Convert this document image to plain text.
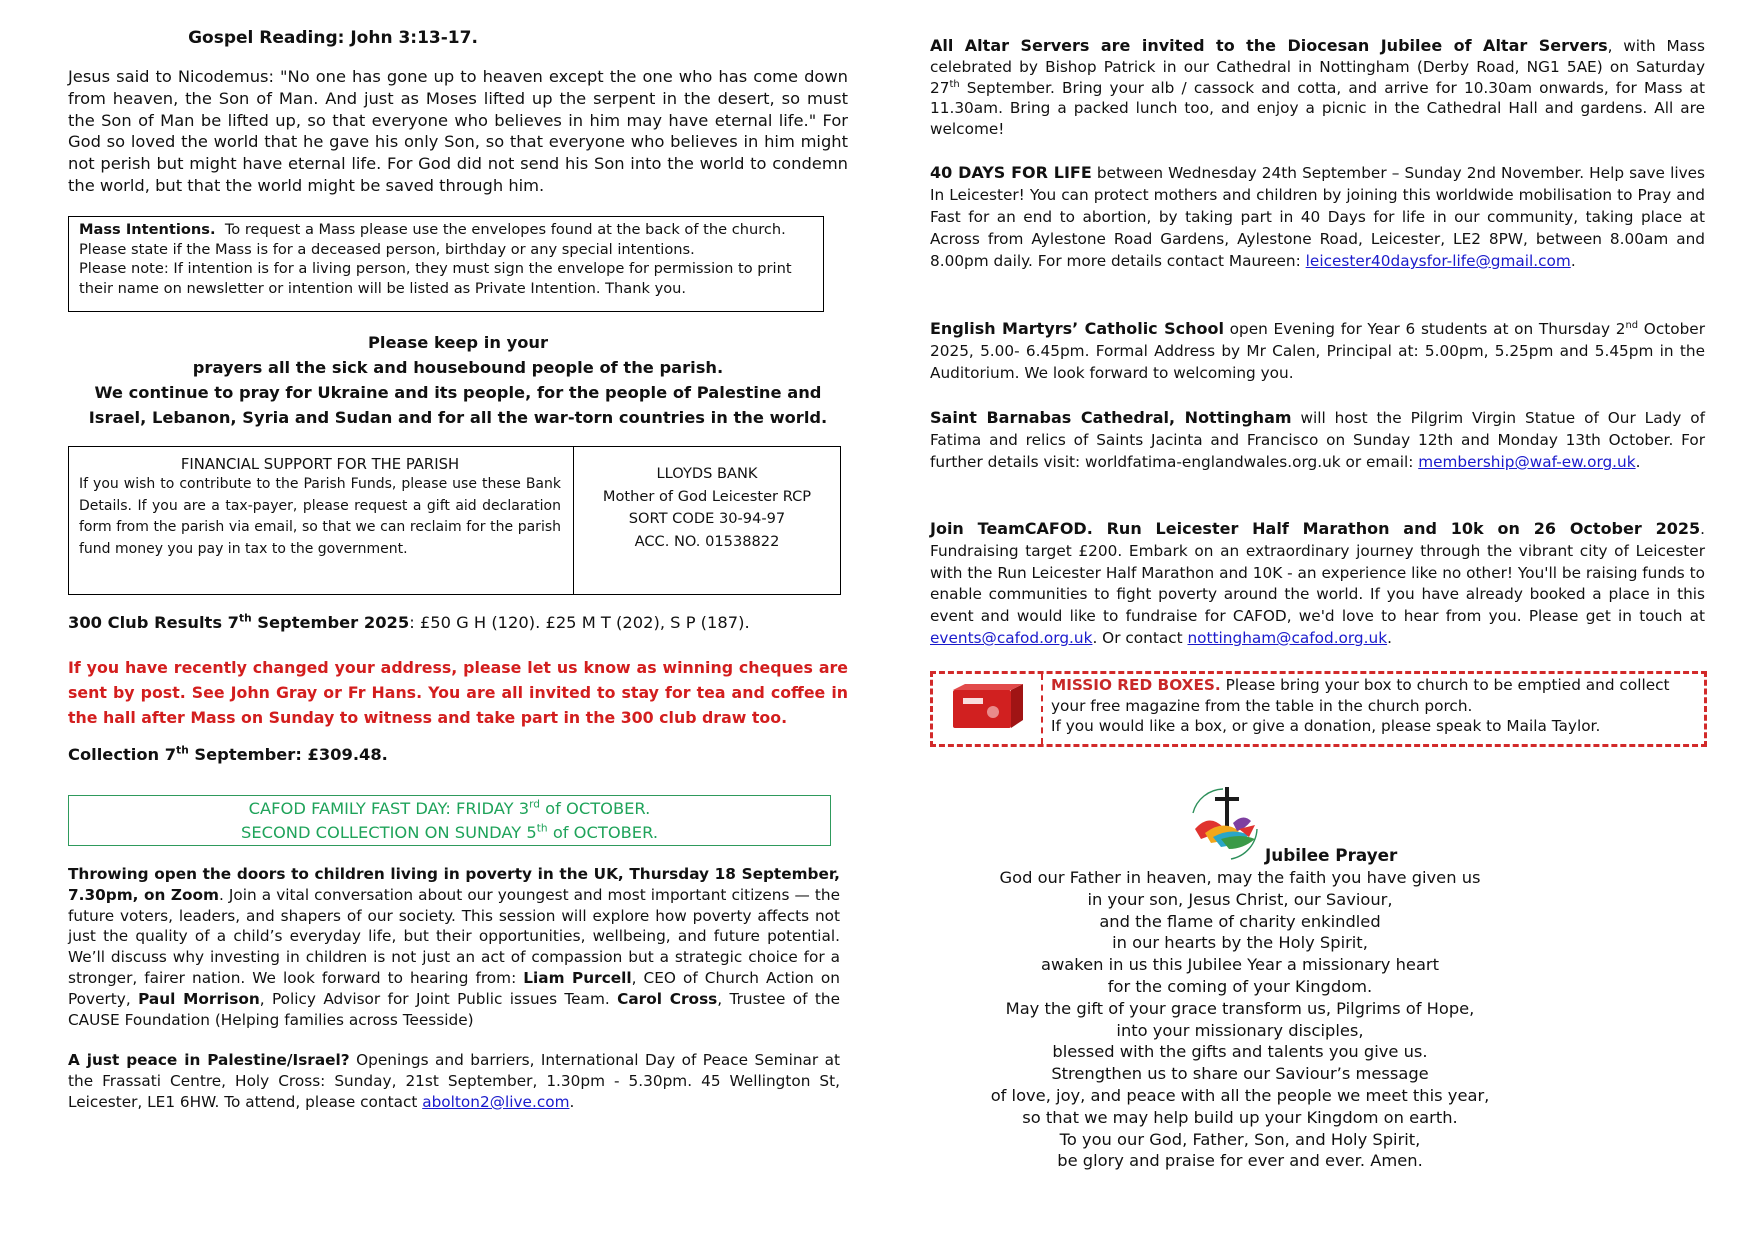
Gospel Reading: John 3:13-17.

Jesus said to Nicodemus: "No one has gone up to heaven except the one who has come down from heaven, the Son of Man. And just as Moses lifted up the serpent in the desert, so must the Son of Man be lifted up, so that everyone who believes in him may have eternal life." For God so loved the world that he gave his only Son, so that everyone who believes in him might not perish but might have eternal life. For God did not send his Son into the world to condemn the world, but that the world might be saved through him.

Mass Intentions. To request a Mass please use the envelopes found at the back of the church.

Please state if the Mass is for a deceased person, birthday or any special intentions.

Please note: If intention is for a living person, they must sign the envelope for permission to print their name on newsletter or intention will be listed as Private Intention. Thank you.

Please keep in your

prayers all the sick and housebound people of the parish.

We continue to pray for Ukraine and its people, for the people of Palestine and

Israel, Lebanon, Syria and Sudan and for all the war-torn countries in the world.

FINANCIAL SUPPORT FOR THE PARISH

If you wish to contribute to the Parish Funds, please use these Bank Details. If you are a tax-payer, please request a gift aid declaration form from the parish via email, so that we can reclaim for the parish fund money you pay in tax to the government.

LLOYDS BANK

Mother of God Leicester RCP

SORT CODE 30-94-97

ACC. NO. 01538822

300 Club Results 7th September 2025: £50 G H (120). £25 M T (202), S P (187).

If you have recently changed your address, please let us know as winning cheques are sent by post. See John Gray or Fr Hans. You are all invited to stay for tea and coffee in the hall after Mass on Sunday to witness and take part in the 300 club draw too.

Collection 7th September: £309.48.

CAFOD FAMILY FAST DAY: FRIDAY 3rd of OCTOBER.

SECOND COLLECTION ON SUNDAY 5th of OCTOBER.

Throwing open the doors to children living in poverty in the UK, Thursday 18 September, 7.30pm, on Zoom. Join a vital conversation about our youngest and most important citizens — the future voters, leaders, and shapers of our society. This session will explore how poverty affects not just the quality of a child’s everyday life, but their opportunities, wellbeing, and future potential. We’ll discuss why investing in children is not just an act of compassion but a strategic choice for a stronger, fairer nation. We look forward to hearing from: Liam Purcell, CEO of Church Action on Poverty, Paul Morrison, Policy Advisor for Joint Public issues Team. Carol Cross, Trustee of the CAUSE Foundation (Helping families across Teesside)

A just peace in Palestine/Israel? Openings and barriers, International Day of Peace Seminar at the Frassati Centre, Holy Cross: Sunday, 21st September, 1.30pm - 5.30pm. 45 Wellington St, Leicester, LE1 6HW. To attend, please contact abolton2@live.com.

All Altar Servers are invited to the Diocesan Jubilee of Altar Servers, with Mass celebrated by Bishop Patrick in our Cathedral in Nottingham (Derby Road, NG1 5AE) on Saturday 27th September. Bring your alb / cassock and cotta, and arrive for 10.30am onwards, for Mass at 11.30am. Bring a packed lunch too, and enjoy a picnic in the Cathedral Hall and gardens. All are welcome!

40 DAYS FOR LIFE between Wednesday 24th September – Sunday 2nd November. Help save lives In Leicester! You can protect mothers and children by joining this worldwide mobilisation to Pray and Fast for an end to abortion, by taking part in 40 Days for life in our community, taking place at Across from Aylestone Road Gardens, Aylestone Road, Leicester, LE2 8PW, between 8.00am and 8.00pm daily. For more details contact Maureen: leicester40daysfor-life@gmail.com.

English Martyrs’ Catholic School open Evening for Year 6 students at on Thursday 2nd October 2025, 5.00- 6.45pm. Formal Address by Mr Calen, Principal at: 5.00pm, 5.25pm and 5.45pm in the Auditorium. We look forward to welcoming you.

Saint Barnabas Cathedral, Nottingham will host the Pilgrim Virgin Statue of Our Lady of Fatima and relics of Saints Jacinta and Francisco on Sunday 12th and Monday 13th October. For further details visit: worldfatima-englandwales.org.uk or email: membership@waf-ew.org.uk.

Join TeamCAFOD. Run Leicester Half Marathon and 10k on 26 October 2025. Fundraising target £200. Embark on an extraordinary journey through the vibrant city of Leicester with the Run Leicester Half Marathon and 10K - an experience like no other! You'll be raising funds to enable communities to fight poverty around the world. If you have already booked a place in this event and would like to fundraise for CAFOD, we'd love to hear from you. Please get in touch at events@cafod.org.uk. Or contact nottingham@cafod.org.uk.

MISSIO RED BOXES. Please bring your box to church to be emptied and collect your free magazine from the table in the church porch.

If you would like a box, or give a donation, please speak to Maila Taylor.

Jubilee Prayer

God our Father in heaven, may the faith you have given us
in your son, Jesus Christ, our Saviour,
and the flame of charity enkindled
in our hearts by the Holy Spirit,
awaken in us this Jubilee Year a missionary heart
for the coming of your Kingdom.
May the gift of your grace transform us, Pilgrims of Hope,
into your missionary disciples,
blessed with the gifts and talents you give us.
Strengthen us to share our Saviour’s message
of love, joy, and peace with all the people we meet this year,
so that we may help build up your Kingdom on earth.
To you our God, Father, Son, and Holy Spirit,
be glory and praise for ever and ever. Amen.
